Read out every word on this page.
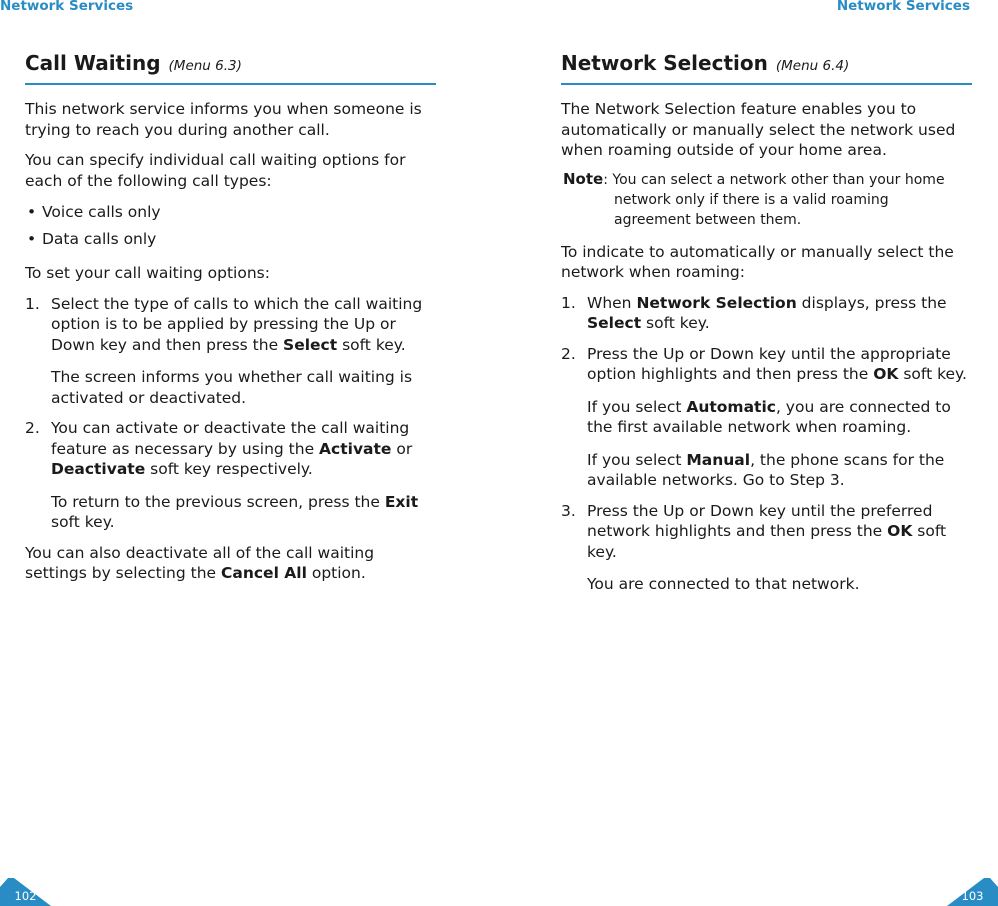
Network Services
Call Waiting (Menu 6.3)

This network service informs you when someone is trying to reach you during another call.

You can specify individual call waiting options for each of the following call types:

• Voice calls only
• Data calls only

To set your call waiting options:

1. Select the type of calls to which the call waiting option is to be applied by pressing the Up or Down key and then press the Select soft key.

The screen informs you whether call waiting is activated or deactivated.

2. You can activate or deactivate the call waiting feature as necessary by using the Activate or Deactivate soft key respectively.

To return to the previous screen, press the Exit soft key.

You can also deactivate all of the call waiting settings by selecting the Cancel All option.

102
Network Services
Network Selection (Menu 6.4)

The Network Selection feature enables you to automatically or manually select the network used when roaming outside of your home area.

Note: You can select a network other than your home
network only if there is a valid roaming
agreement between them.

To indicate to automatically or manually select the network when roaming:

1. When Network Selection displays, press the Select soft key.

2. Press the Up or Down key until the appropriate option highlights and then press the OK soft key.

If you select Automatic, you are connected to the first available network when roaming.

If you select Manual, the phone scans for the available networks. Go to Step 3.

3. Press the Up or Down key until the preferred network highlights and then press the OK soft key.

You are connected to that network.

103
